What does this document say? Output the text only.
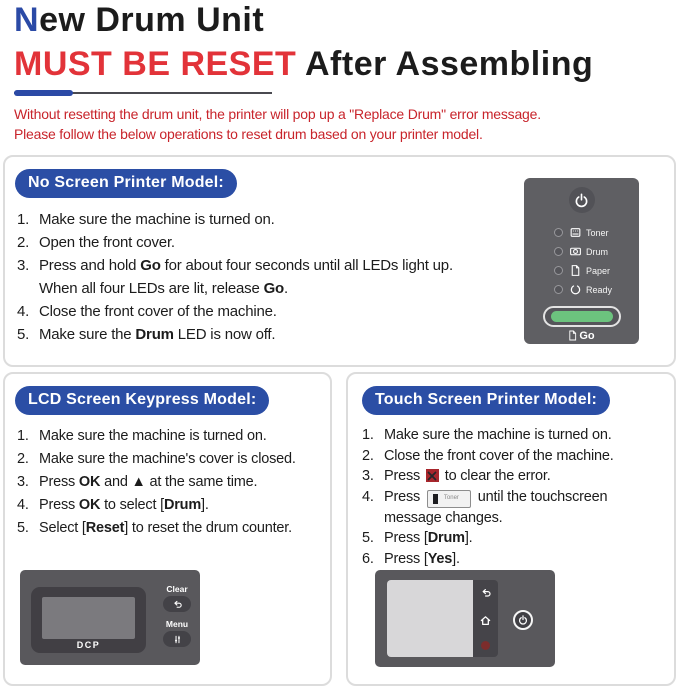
New Drum Unit
MUST BE RESET After Assembling
Without resetting the drum unit, the printer will pop up a "Replace Drum" error message.
Please follow the below operations to reset drum based on your printer model.
No Screen Printer Model:
1. Make sure the machine is turned on.
2. Open the front cover.
3. Press and hold Go for about four seconds until all LEDs light up.
When all four LEDs are lit, release Go.
4. Close the front cover of the machine.
5. Make sure the Drum LED is now off.
Toner
Drum
Paper
Ready
Go
LCD Screen Keypress Model:
1. Make sure the machine is turned on.
2. Make sure the machine's cover is closed.
3. Press OK and ▲ at the same time.
4. Press OK to select [Drum].
5. Select [Reset] to reset the drum counter.
DCP
Clear
Menu
Touch Screen Printer Model:
1. Make sure the machine is turned on.
2. Close the front cover of the machine.
3. Press
to clear the error.
4. Press	Toner until the touchscreen
message changes.
5. Press [Drum].
6. Press [Yes].
